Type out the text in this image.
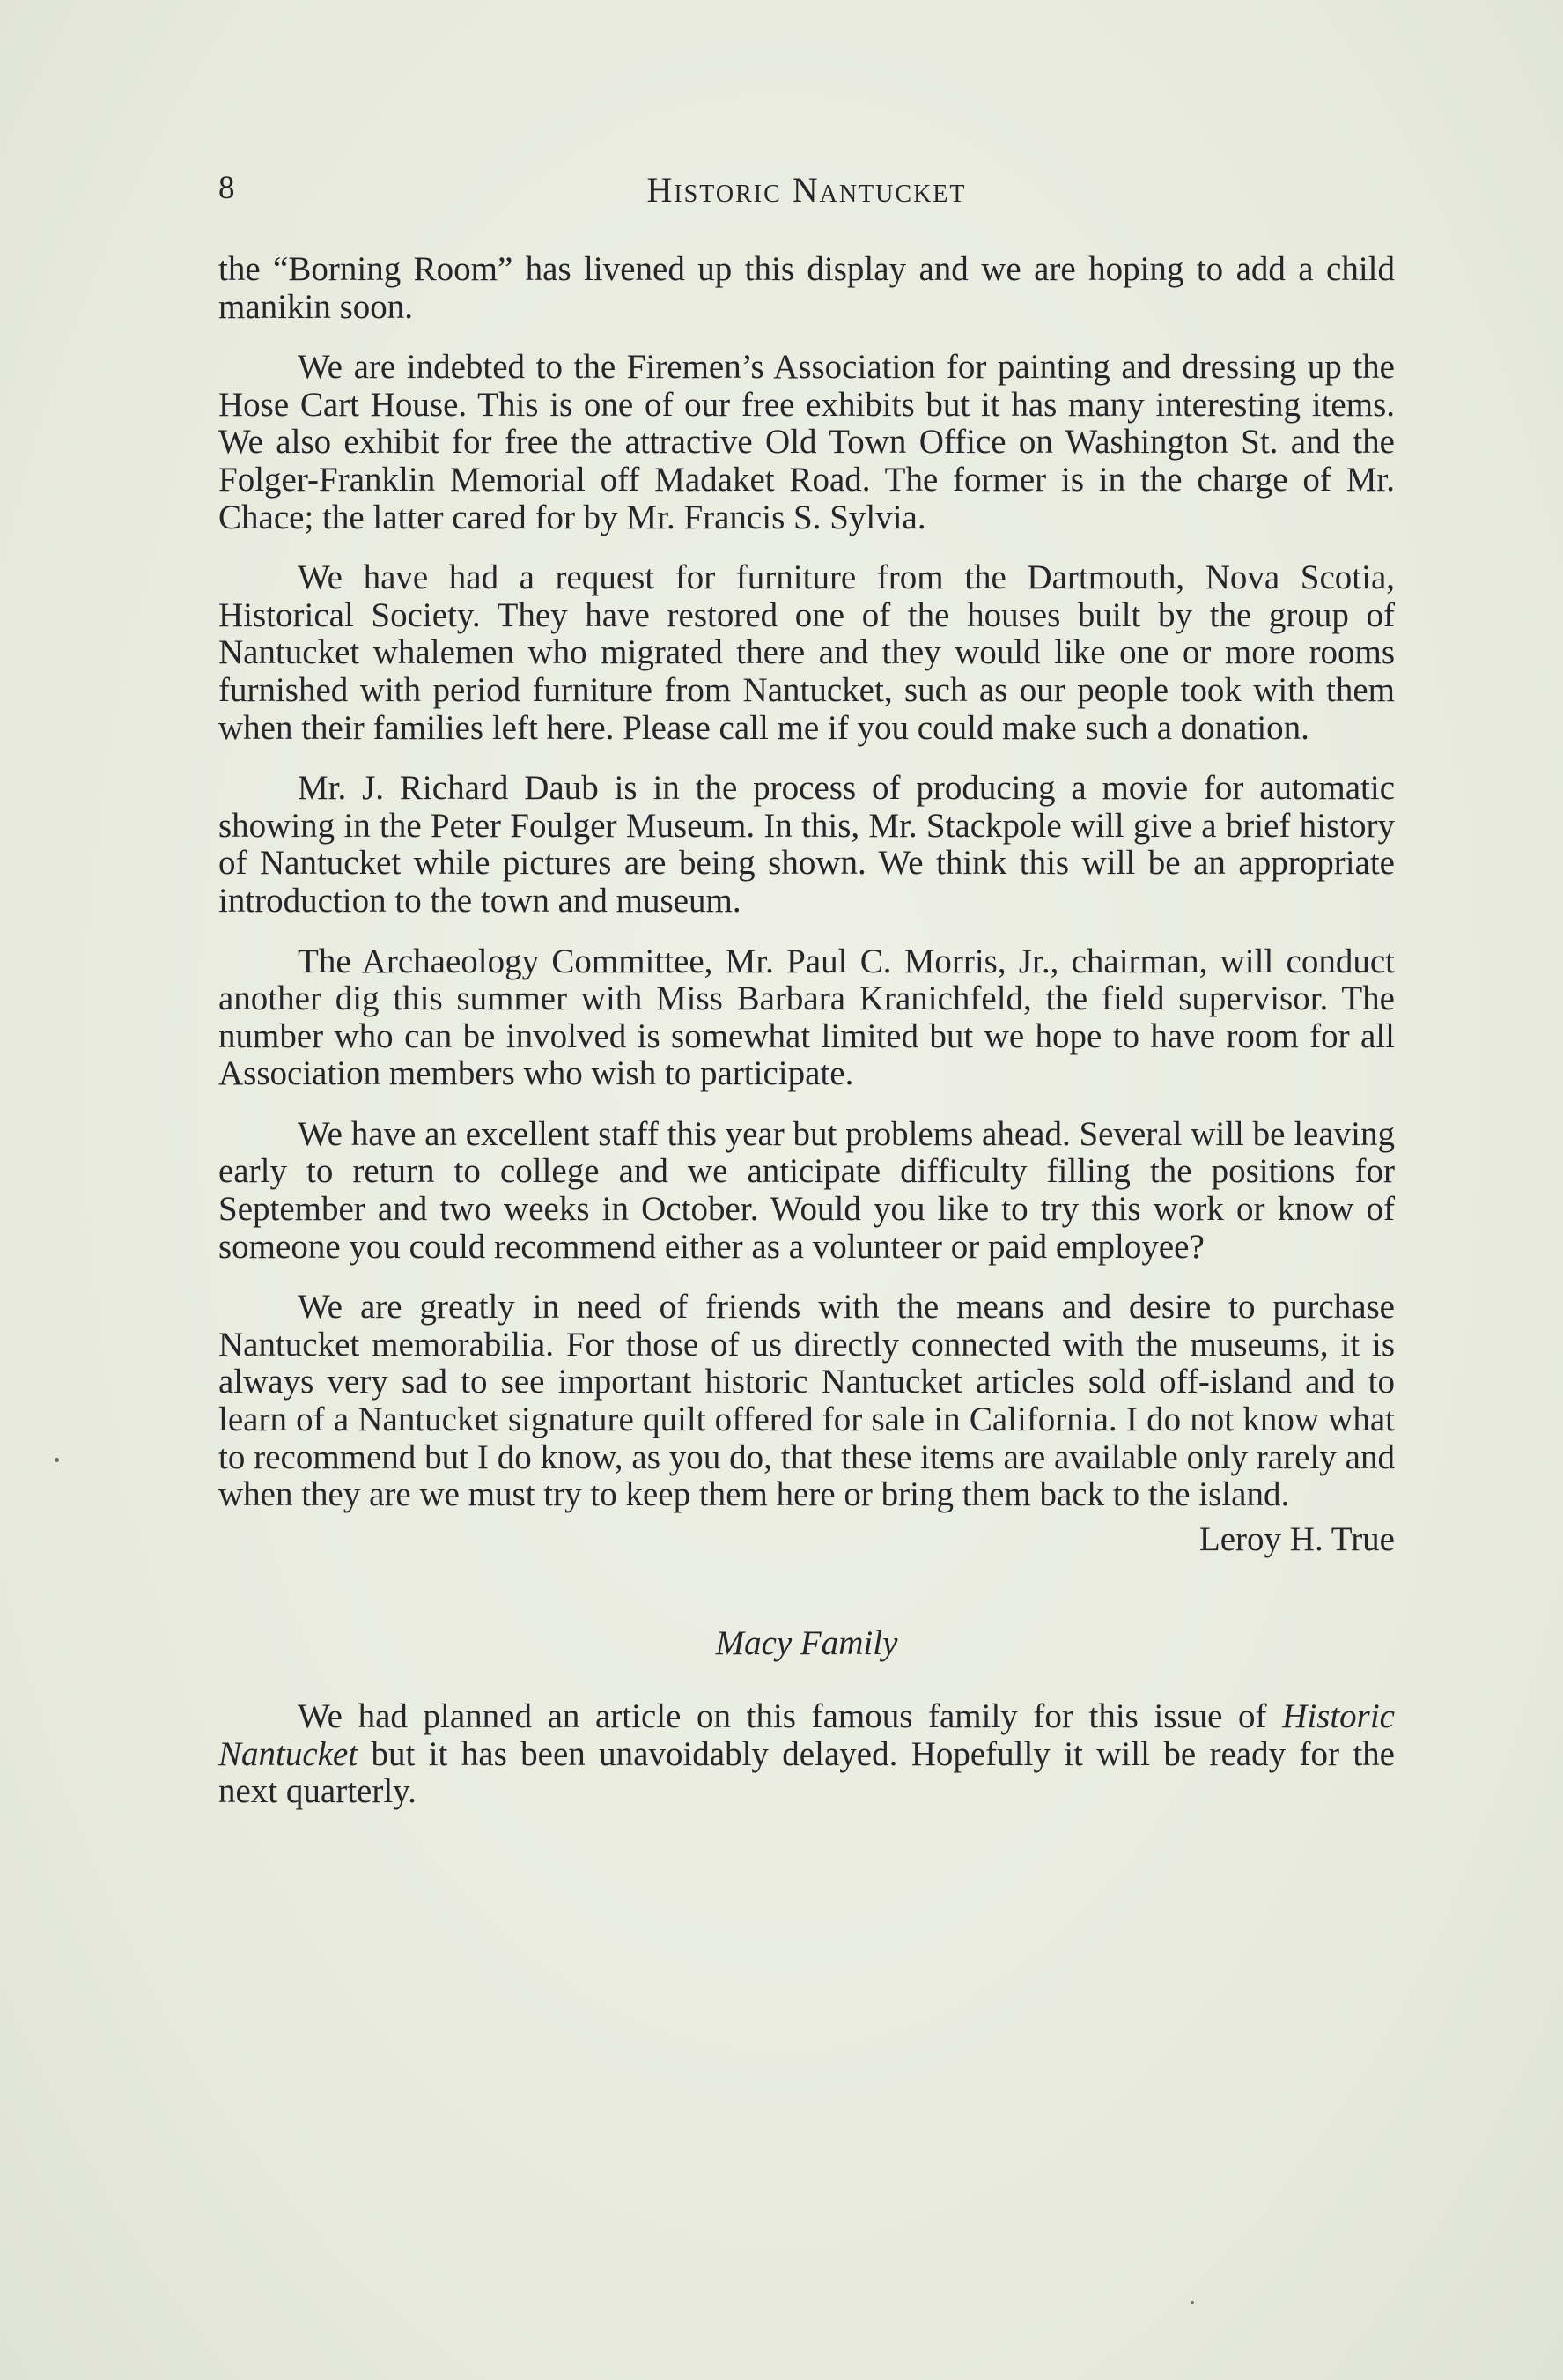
8	Historic Nantucket

the “Borning Room” has livened up this display and we are hoping to add a child manikin soon.

We are indebted to the Firemen’s Association for painting and dressing up the Hose Cart House. This is one of our free exhibits but it has many interesting items. We also exhibit for free the attractive Old Town Office on Washington St. and the Folger-Franklin Memorial off Madaket Road. The former is in the charge of Mr. Chace; the latter cared for by Mr. Francis S. Sylvia.

We have had a request for furniture from the Dartmouth, Nova Scotia, Historical Society. They have restored one of the houses built by the group of Nantucket whalemen who migrated there and they would like one or more rooms furnished with period furniture from Nantucket, such as our people took with them when their families left here. Please call me if you could make such a donation.

Mr. J. Richard Daub is in the process of producing a movie for automatic showing in the Peter Foulger Museum. In this, Mr. Stackpole will give a brief history of Nantucket while pictures are being shown. We think this will be an appropriate introduction to the town and museum.

The Archaeology Committee, Mr. Paul C. Morris, Jr., chairman, will conduct another dig this summer with Miss Barbara Kranichfeld, the field supervisor. The number who can be involved is somewhat limited but we hope to have room for all Association members who wish to participate.

We have an excellent staff this year but problems ahead. Several will be leaving early to return to college and we anticipate difficulty filling the positions for September and two weeks in October. Would you like to try this work or know of someone you could recommend either as a volunteer or paid employee?

We are greatly in need of friends with the means and desire to purchase Nantucket memorabilia. For those of us directly connected with the museums, it is always very sad to see important historic Nantucket articles sold off-island and to learn of a Nantucket signature quilt offered for sale in California. I do not know what to recommend but I do know, as you do, that these items are available only rarely and when they are we must try to keep them here or bring them back to the island.

Leroy H. True

Macy Family

We had planned an article on this famous family for this issue of Historic Nantucket but it has been unavoidably delayed. Hopefully it will be ready for the next quarterly.
